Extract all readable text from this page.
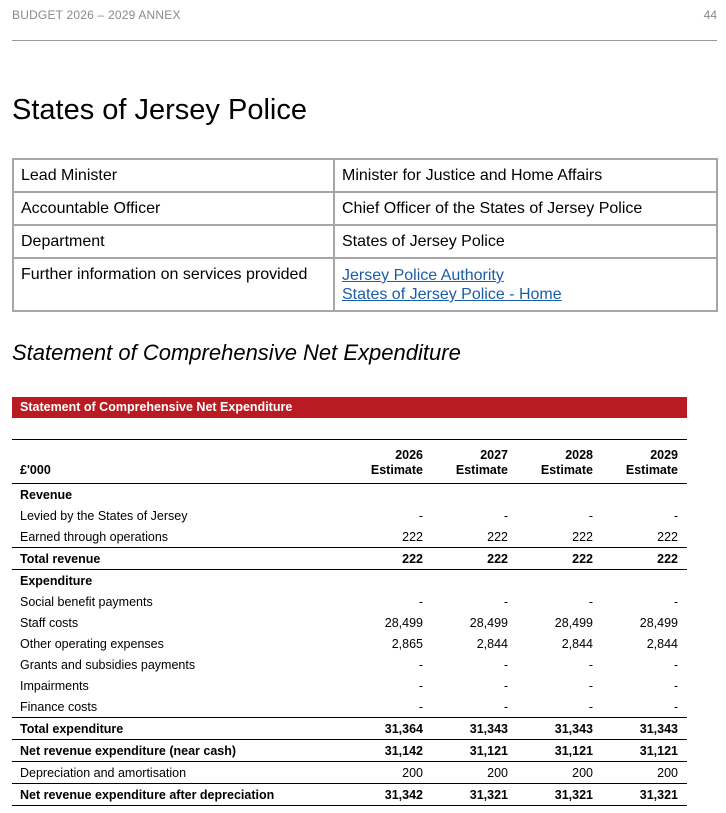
BUDGET 2026 – 2029 ANNEX	44
States of Jersey Police
Lead Minister	Minister for Justice and Home Affairs
Accountable Officer	Chief Officer of the States of Jersey Police
Department	States of Jersey Police
Further information on services provided	Jersey Police Authority
States of Jersey Police - Home
Statement of Comprehensive Net Expenditure
Statement of Comprehensive Net Expenditure
	2026	2027	2028	2029
£'000	Estimate	Estimate	Estimate	Estimate
Revenue				
Levied by the States of Jersey	-	-	-	-
Earned through operations	222	222	222	222
Total revenue	222	222	222	222
Expenditure				
Social benefit payments	-	-	-	-
Staff costs	28,499	28,499	28,499	28,499
Other operating expenses	2,865	2,844	2,844	2,844
Grants and subsidies payments	-	-	-	-
Impairments	-	-	-	-
Finance costs	-	-	-	-
Total expenditure	31,364	31,343	31,343	31,343
Net revenue expenditure (near cash)	31,142	31,121	31,121	31,121
Depreciation and amortisation	200	200	200	200
Net revenue expenditure after depreciation	31,342	31,321	31,321	31,321
